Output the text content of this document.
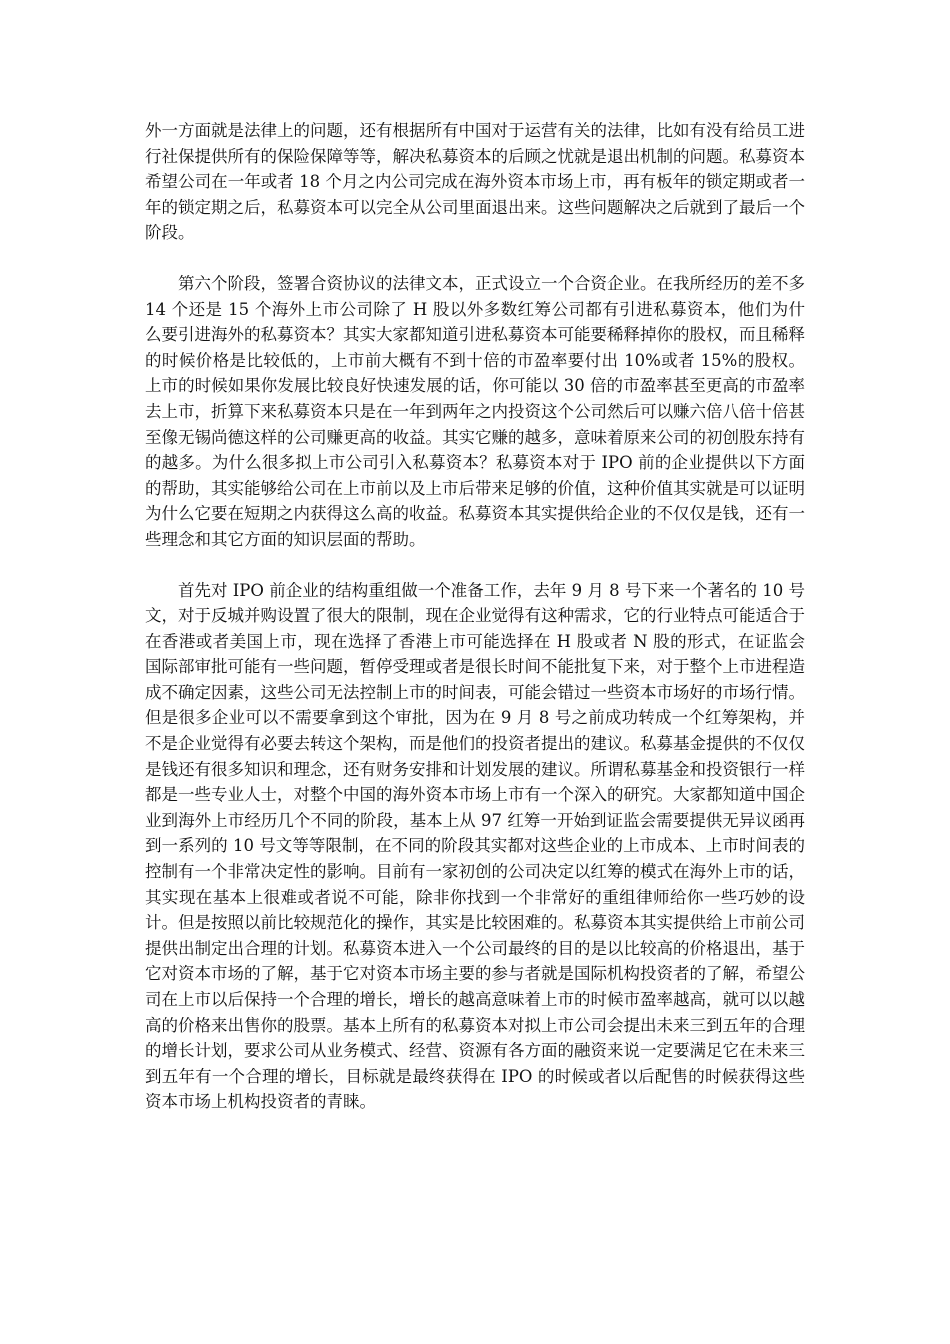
外一方面就是法律上的问题，还有根据所有中国对于运营有关的法律，比如有没有给员工进行社保提供所有的保险保障等等，解决私募资本的后顾之忧就是退出机制的问题。私募资本希望公司在一年或者 18 个月之内公司完成在海外资本市场上市，再有板年的锁定期或者一年的锁定期之后，私募资本可以完全从公司里面退出来。这些问题解决之后就到了最后一个阶段。

第六个阶段，签署合资协议的法律文本，正式设立一个合资企业。在我所经历的差不多 14 个还是 15 个海外上市公司除了 H 股以外多数红筹公司都有引进私募资本，他们为什么要引进海外的私募资本？其实大家都知道引进私募资本可能要稀释掉你的股权，而且稀释的时候价格是比较低的，上市前大概有不到十倍的市盈率要付出 10%或者 15%的股权。上市的时候如果你发展比较良好快速发展的话，你可能以 30 倍的市盈率甚至更高的市盈率去上市，折算下来私募资本只是在一年到两年之内投资这个公司然后可以赚六倍八倍十倍甚至像无锡尚德这样的公司赚更高的收益。其实它赚的越多，意味着原来公司的初创股东持有的越多。为什么很多拟上市公司引入私募资本？私募资本对于 IPO 前的企业提供以下方面的帮助，其实能够给公司在上市前以及上市后带来足够的价值，这种价值其实就是可以证明为什么它要在短期之内获得这么高的收益。私募资本其实提供给企业的不仅仅是钱，还有一些理念和其它方面的知识层面的帮助。

首先对 IPO 前企业的结构重组做一个准备工作，去年 9 月 8 号下来一个著名的 10 号文，对于反城并购设置了很大的限制，现在企业觉得有这种需求，它的行业特点可能适合于在香港或者美国上市，现在选择了香港上市可能选择在 H 股或者 N 股的形式，在证监会国际部审批可能有一些问题，暂停受理或者是很长时间不能批复下来，对于整个上市进程造成不确定因素，这些公司无法控制上市的时间表，可能会错过一些资本市场好的市场行情。但是很多企业可以不需要拿到这个审批，因为在 9 月 8 号之前成功转成一个红筹架构，并不是企业觉得有必要去转这个架构，而是他们的投资者提出的建议。私募基金提供的不仅仅是钱还有很多知识和理念，还有财务安排和计划发展的建议。所谓私募基金和投资银行一样都是一些专业人士，对整个中国的海外资本市场上市有一个深入的研究。大家都知道中国企业到海外上市经历几个不同的阶段，基本上从 97 红筹一开始到证监会需要提供无异议函再到一系列的 10 号文等等限制，在不同的阶段其实都对这些企业的上市成本、上市时间表的控制有一个非常决定性的影响。目前有一家初创的公司决定以红筹的模式在海外上市的话，其实现在基本上很难或者说不可能，除非你找到一个非常好的重组律师给你一些巧妙的设计。但是按照以前比较规范化的操作，其实是比较困难的。私募资本其实提供给上市前公司提供出制定出合理的计划。私募资本进入一个公司最终的目的是以比较高的价格退出，基于它对资本市场的了解，基于它对资本市场主要的参与者就是国际机构投资者的了解，希望公司在上市以后保持一个合理的增长，增长的越高意味着上市的时候市盈率越高，就可以以越高的价格来出售你的股票。基本上所有的私募资本对拟上市公司会提出未来三到五年的合理的增长计划，要求公司从业务模式、经营、资源有各方面的融资来说一定要满足它在未来三到五年有一个合理的增长，目标就是最终获得在 IPO 的时候或者以后配售的时候获得这些资本市场上机构投资者的青睐。
